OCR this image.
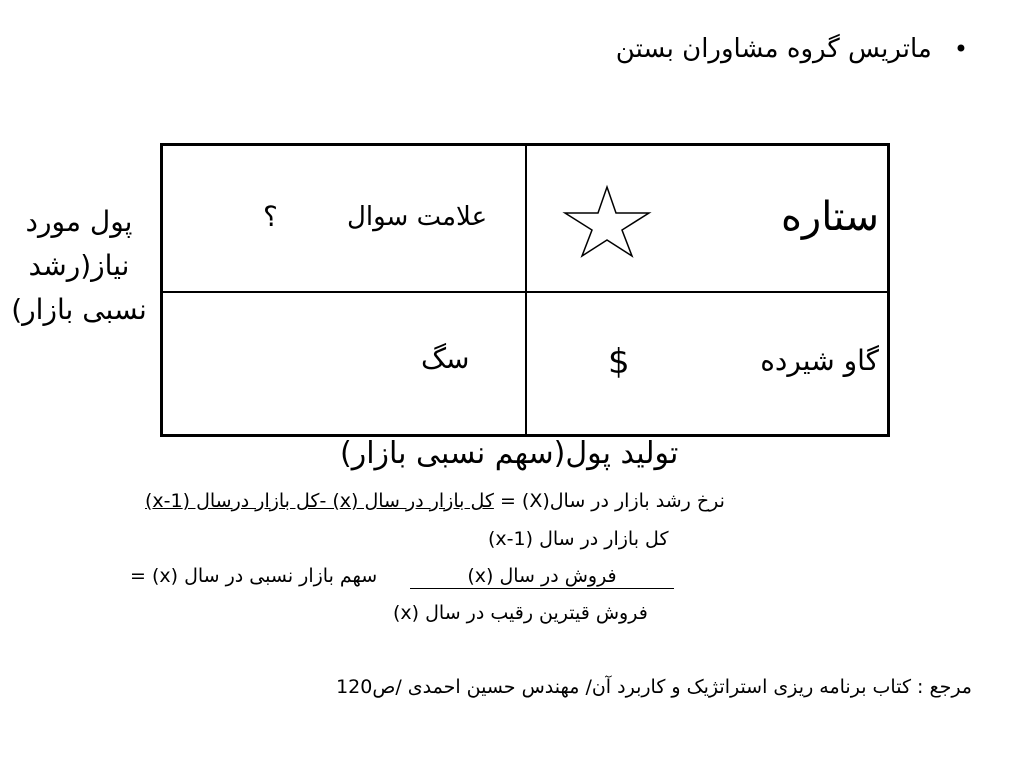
•
ماتریس گروه مشاوران بستن
پول مورد نیاز(رشد نسبی بازار)
ستاره
علامت سوال
؟
گاو شیرده
$
سگ
تولید پول(سهم نسبی بازار)
نرخ رشد بازار در سال(X) = کل بازار در سال (x) -کل بازار درسال (x-1)
کل بازار در سال (x-1)
سهم بازار نسبی در سال (x) =	فروش در سال (x)
فروش قیترین رقیب در سال (x)
مرجع : کتاب برنامه ریزی استراتژیک و کاربرد آن/ مهندس حسین احمدی /ص120
